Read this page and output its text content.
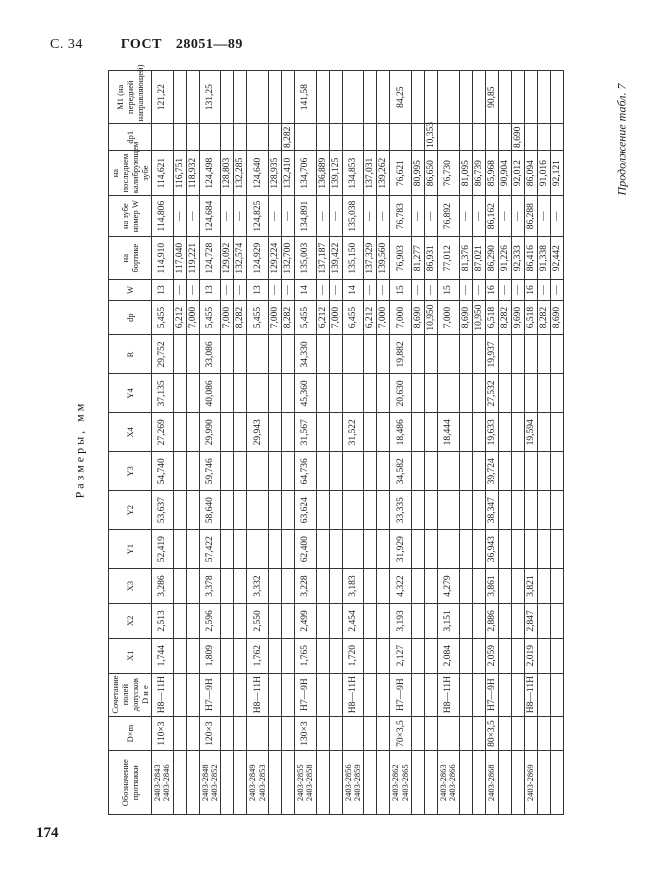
С. 34	ГОСТ 28051—89
Продолжение табл. 7
Размеры, мм
Обозначение протяжки	D×m	Сочетание полей допусков D и e	X1	X2	X3	Y1	Y2	Y3	X4	Y4	R	dр	W	на бортике	на зубе номер W	на последнем калибрующем зубе	dр1	M1 (на передней направляющей)
2403-2843 2403-2846	110×3	H8—11H	1,744	2,513	3,286	52,419	53,637	54,740	27,269	37,135	29,752	5,455	13	114,910	114,806	114,621		121,22
												6,212	—	117,040	—	116,751		
												7,000	—	119,221	—	118,932		
2403-2848 2403-2852	120×3	H7—9H	1,809	2,596	3,378	57,422	58,640	59,746	29,990	40,086	33,086	5,455	13	124,728	124,684	124,498		131,25
												7,000	—	129,092	—	128,803		
												8,282	—	132,574	—	132,285		
2403-2849 2403-2853		H8—11H	1,762	2,550	3,332				29,943			5,455	13	124,929	124,825	124,640		
												7,000	—	129,224	—	128,935		
												8,282	—	132,700	—	132,410	8,282	
2403-2855 2403-2858	130×3	H7—9H	1,765	2,499	3,228	62,400	63,624	64,736	31,567	45,360	34,330	5,455	14	135,003	134,891	134,706		141,58
												6,212	—	137,187	—	136,889		
												7,000	—	139,422	—	139,125		
2403-2856 2403-2859		H8—11H	1,720	2,454	3,183				31,522			6,455	14	135,150	135,038	134,853		
												6,212	—	137,329	—	137,031		
												7,000	—	139,560	—	139,262		
2403-2862 2403-2865	70×3,5	H7—9H	2,127	3,193	4,322	31,929	33,335	34,582	18,486	20,630	19,882	7,000	15	76,903	76,783	76,621		84,25
												8,690	—	81,277	—	80,995		
												10,950	—	86,931	—	86,650	10,353	
2403-2863 2403-2866		H8—11H	2,084	3,151	4,279				18,444			7,000	15	77,012	76,892	76,730		
												8,690	—	81,376	—	81,095		
												10,950	—	87,021	—	86,739		
2403-2868	80×3,5	H7—9H	2,059	2,886	3,861	36,943	38,347	39,724	19,633	27,532	19,937	6,518	16	86,290	86,162	85,968		90,85
												8,282	—	91,226	—	90,904		
												9,690	—	92,333	—	92,012	8,690	
2403-2869		H8—11H	2,019	2,847	3,821				19,594			6,518	16	86,416	86,288	86,094		
												8,282	—	91,338	—	91,016		
												8,690	—	92,442	—	92,121		
174
